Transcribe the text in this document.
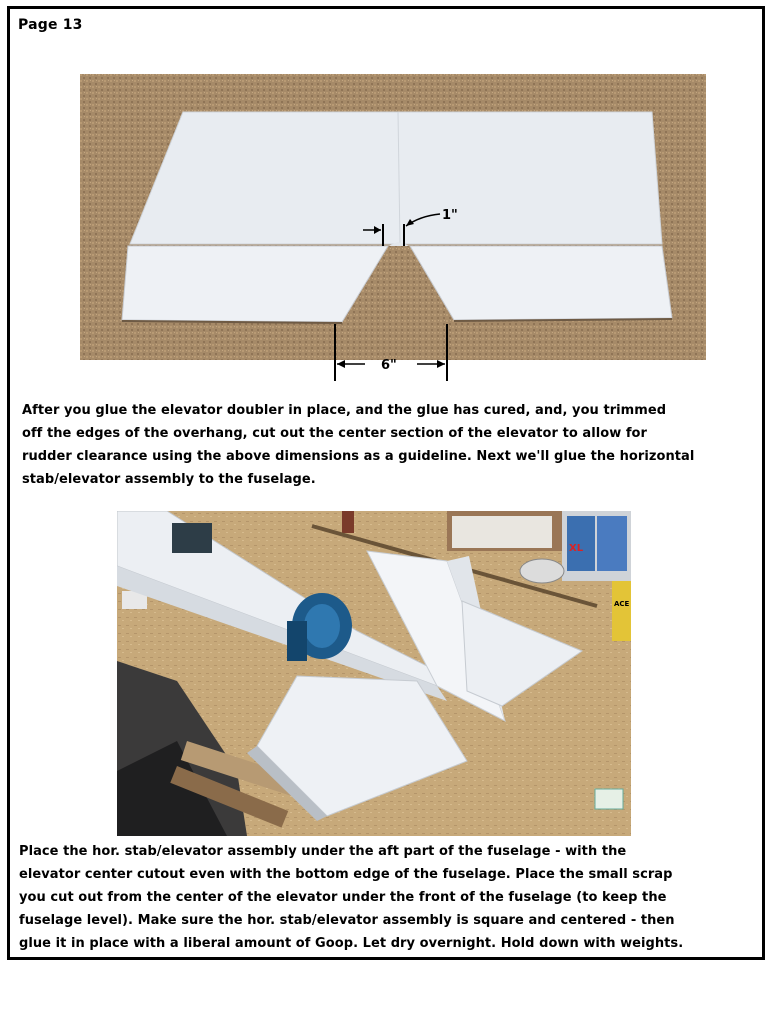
Page 13
1"
6"
After you glue the elevator doubler in place, and the glue has cured, and, you trimmed
off the edges of the overhang, cut out the center section of the elevator to allow for
rudder clearance using the above dimensions as a guideline. Next we'll glue the horizontal
stab/elevator assembly to the fuselage.
XL
ACE
Place the hor. stab/elevator assembly under the aft part of the fuselage - with the
elevator center cutout even with the bottom edge of the fuselage. Place the small scrap
you cut out from the center of the elevator under the front of the fuselage (to keep the
fuselage level). Make sure the hor. stab/elevator assembly is square and centered - then
glue it in place with a liberal amount of Goop. Let dry overnight. Hold down with weights.
